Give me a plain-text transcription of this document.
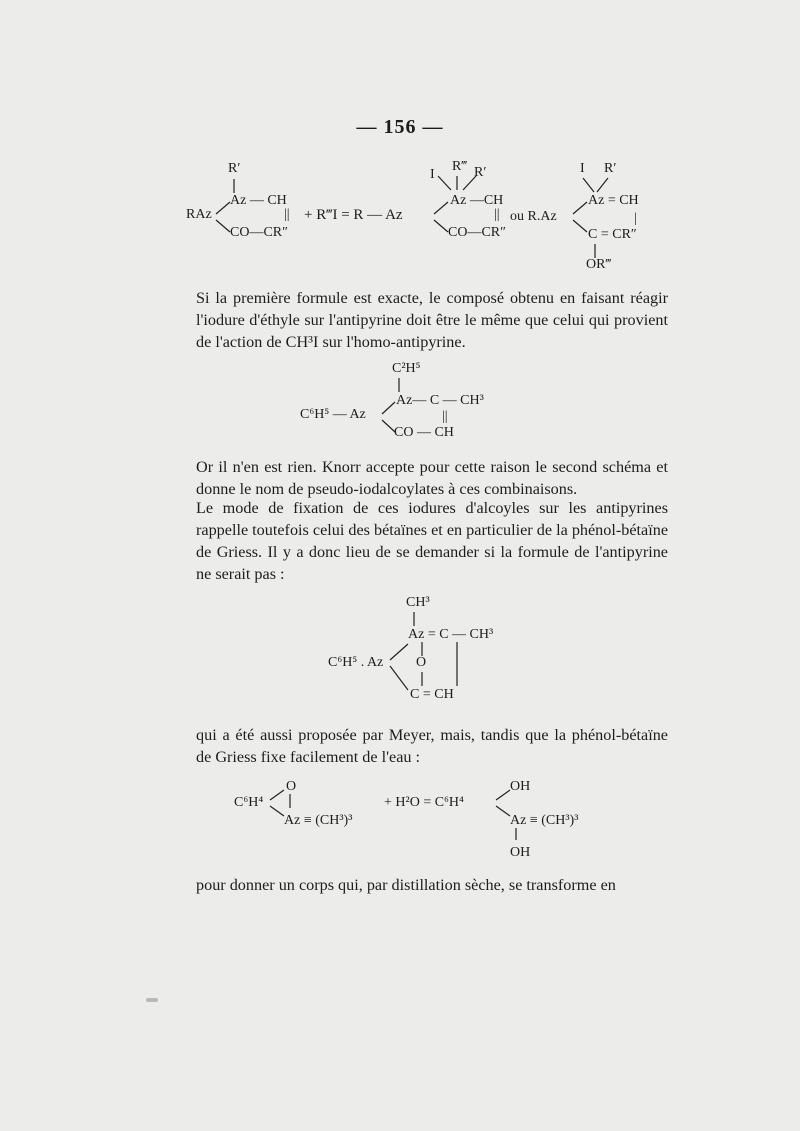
— 156 —
R′
Az — CH
RAz	||
CO—CR″
+ R‴I = R — Az
R‴
I	R′
Az —CH
||
CO—CR″
ou R.Az
I R′
Az = CH
|
C = CR″
OR‴
Si la première formule est exacte, le composé obtenu en faisant réagir l'iodure d'éthyle sur l'antipyrine doit être le même que celui qui provient de l'action de CH³I sur l'homo-antipyrine.
C²H⁵
Az— C — CH³
C⁶H⁵ — Az	||
CO — CH
Or il n'en est rien. Knorr accepte pour cette raison le second schéma et donne le nom de pseudo-iodalcoylates à ces combinaisons.
Le mode de fixation de ces iodures d'alcoyles sur les antipyrines rappelle toutefois celui des bétaïnes et en particulier de la phénol-bétaïne de Griess. Il y a donc lieu de se demander si la formule de l'antipyrine ne serait pas :
CH³
Az = C — CH³
O
C⁶H⁵ . Az
C = CH
qui a été aussi proposée par Meyer, mais, tandis que la phénol-bétaïne de Griess fixe facilement de l'eau :
C⁶H⁴
O
Az ≡ (CH³)³
+ H²O = C⁶H⁴
OH
Az ≡ (CH³)³
OH
pour donner un corps qui, par distillation sèche, se transforme en
